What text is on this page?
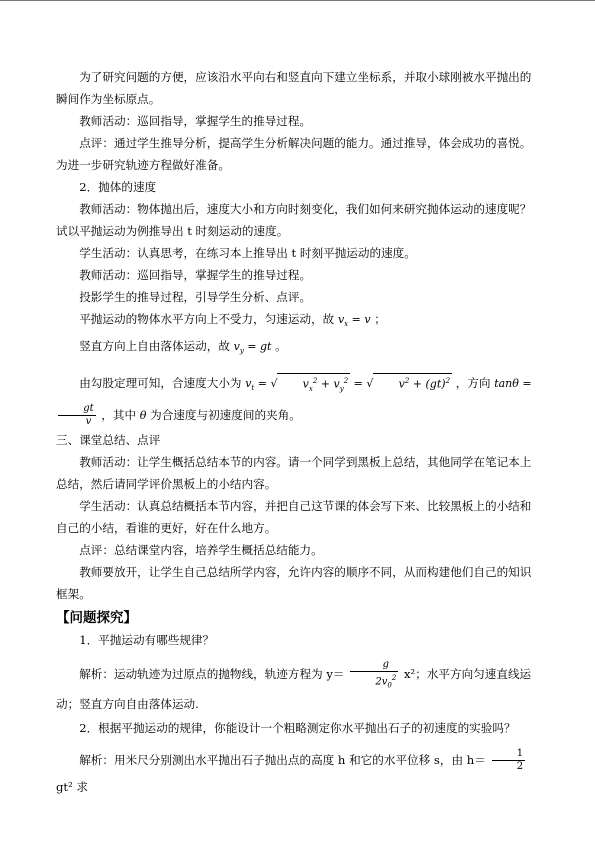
为了研究问题的方便，应该沿水平向右和竖直向下建立坐标系，并取小球刚被水平抛出的瞬间作为坐标原点。

教师活动：巡回指导，掌握学生的推导过程。

点评：通过学生推导分析，提高学生分析解决问题的能力。通过推导，体会成功的喜悦。为进一步研究轨迹方程做好准备。

2．抛体的速度

教师活动：物体抛出后，速度大小和方向时刻变化，我们如何来研究抛体运动的速度呢？试以平抛运动为例推导出 t 时刻运动的速度。

学生活动：认真思考，在练习本上推导出 t 时刻平抛运动的速度。

教师活动：巡回指导，掌握学生的推导过程。

投影学生的推导过程，引导学生分析、点评。

平抛运动的物体水平方向上不受力，匀速运动，故 $v_x = v$ ；

竖直方向上自由落体运动，故 $v_y$ = gt 。

由勾股定理可知，合速度大小为 $v_t$ = √ $v_x^2 + v_y^2$ = √ $v^2 + (gt)^2$ ，方向 tanθ =
$\frac{gt}{v}$ ，其中 θ 为合速度与初速度间的夹角。

三、课堂总结、点评

教师活动：让学生概括总结本节的内容。请一个同学到黑板上总结，其他同学在笔记本上总结，然后请同学评价黑板上的小结内容。

学生活动：认真总结概括本节内容，并把自己这节课的体会写下来、比较黑板上的小结和自己的小结，看谁的更好，好在什么地方。

点评：总结课堂内容，培养学生概括总结能力。

教师要放开，让学生自己总结所学内容，允许内容的顺序不同，从而构建他们自己的知识框架。

【问题探究】

1．平抛运动有哪些规律？

解析：运动轨迹为过原点的抛物线，轨迹方程为 $y= \frac{g}{2v_0^2} x^2$；水平方向匀速直线运动；竖直方向自由落体运动.

2．根据平抛运动的规律，你能设计一个粗略测定你水平抛出石子的初速度的实验吗？

解析：用米尺分别测出水平抛出石子抛出点的高度 h 和它的水平位移 s，由 $h= \frac{1}{2}$
gt² 求
